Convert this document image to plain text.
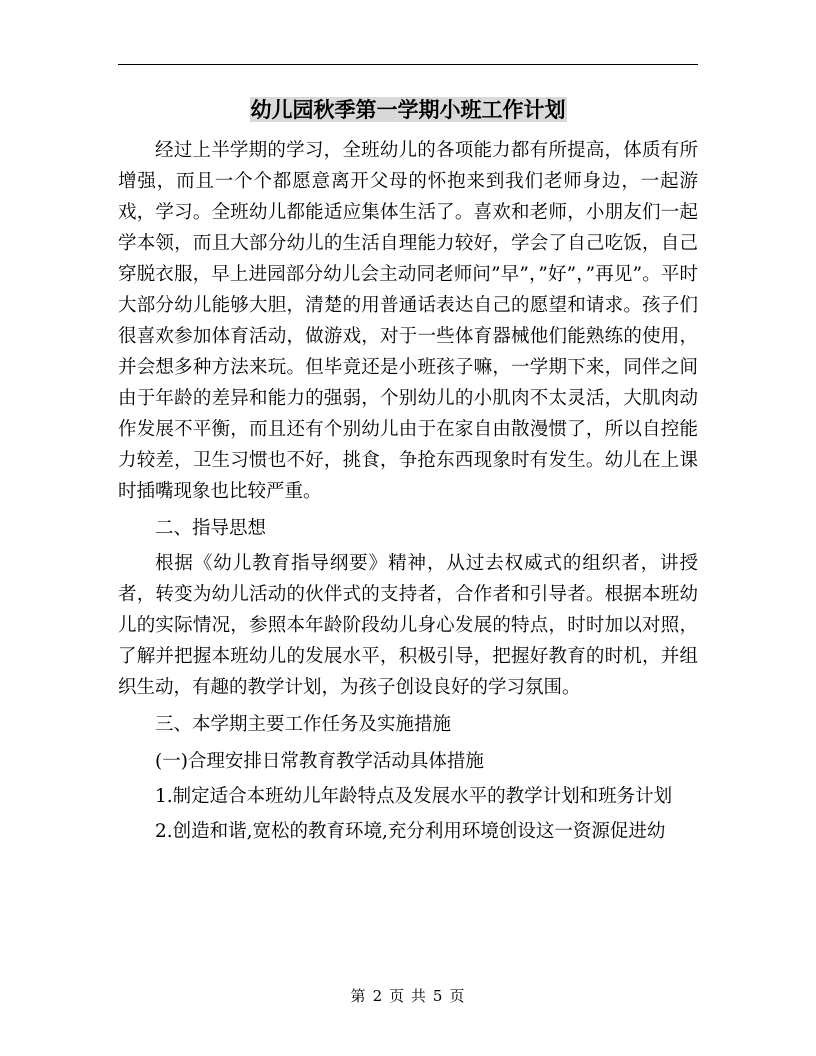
幼儿园秋季第一学期小班工作计划

经过上半学期的学习，全班幼儿的各项能力都有所提高，体质有所增强，而且一个个都愿意离开父母的怀抱来到我们老师身边，一起游戏，学习。全班幼儿都能适应集体生活了。喜欢和老师，小朋友们一起学本领，而且大部分幼儿的生活自理能力较好，学会了自己吃饭，自己穿脱衣服，早上进园部分幼儿会主动同老师问”早”，”好”，”再见”。平时大部分幼儿能够大胆，清楚的用普通话表达自己的愿望和请求。孩子们很喜欢参加体育活动，做游戏，对于一些体育器械他们能熟练的使用，并会想多种方法来玩。但毕竟还是小班孩子嘛，一学期下来，同伴之间由于年龄的差异和能力的强弱，个别幼儿的小肌肉不太灵活，大肌肉动作发展不平衡，而且还有个别幼儿由于在家自由散漫惯了，所以自控能力较差，卫生习惯也不好，挑食，争抢东西现象时有发生。幼儿在上课时插嘴现象也比较严重。

二、指导思想

根据《幼儿教育指导纲要》精神，从过去权威式的组织者，讲授者，转变为幼儿活动的伙伴式的支持者，合作者和引导者。根据本班幼儿的实际情况，参照本年龄阶段幼儿身心发展的特点，时时加以对照，了解并把握本班幼儿的发展水平，积极引导，把握好教育的时机，并组织生动，有趣的教学计划，为孩子创设良好的学习氛围。

三、本学期主要工作任务及实施措施

(一)合理安排日常教育教学活动具体措施

1.制定适合本班幼儿年龄特点及发展水平的教学计划和班务计划

2.创造和谐,宽松的教育环境,充分利用环境创设这一资源促进幼

第 2 页 共 5 页
